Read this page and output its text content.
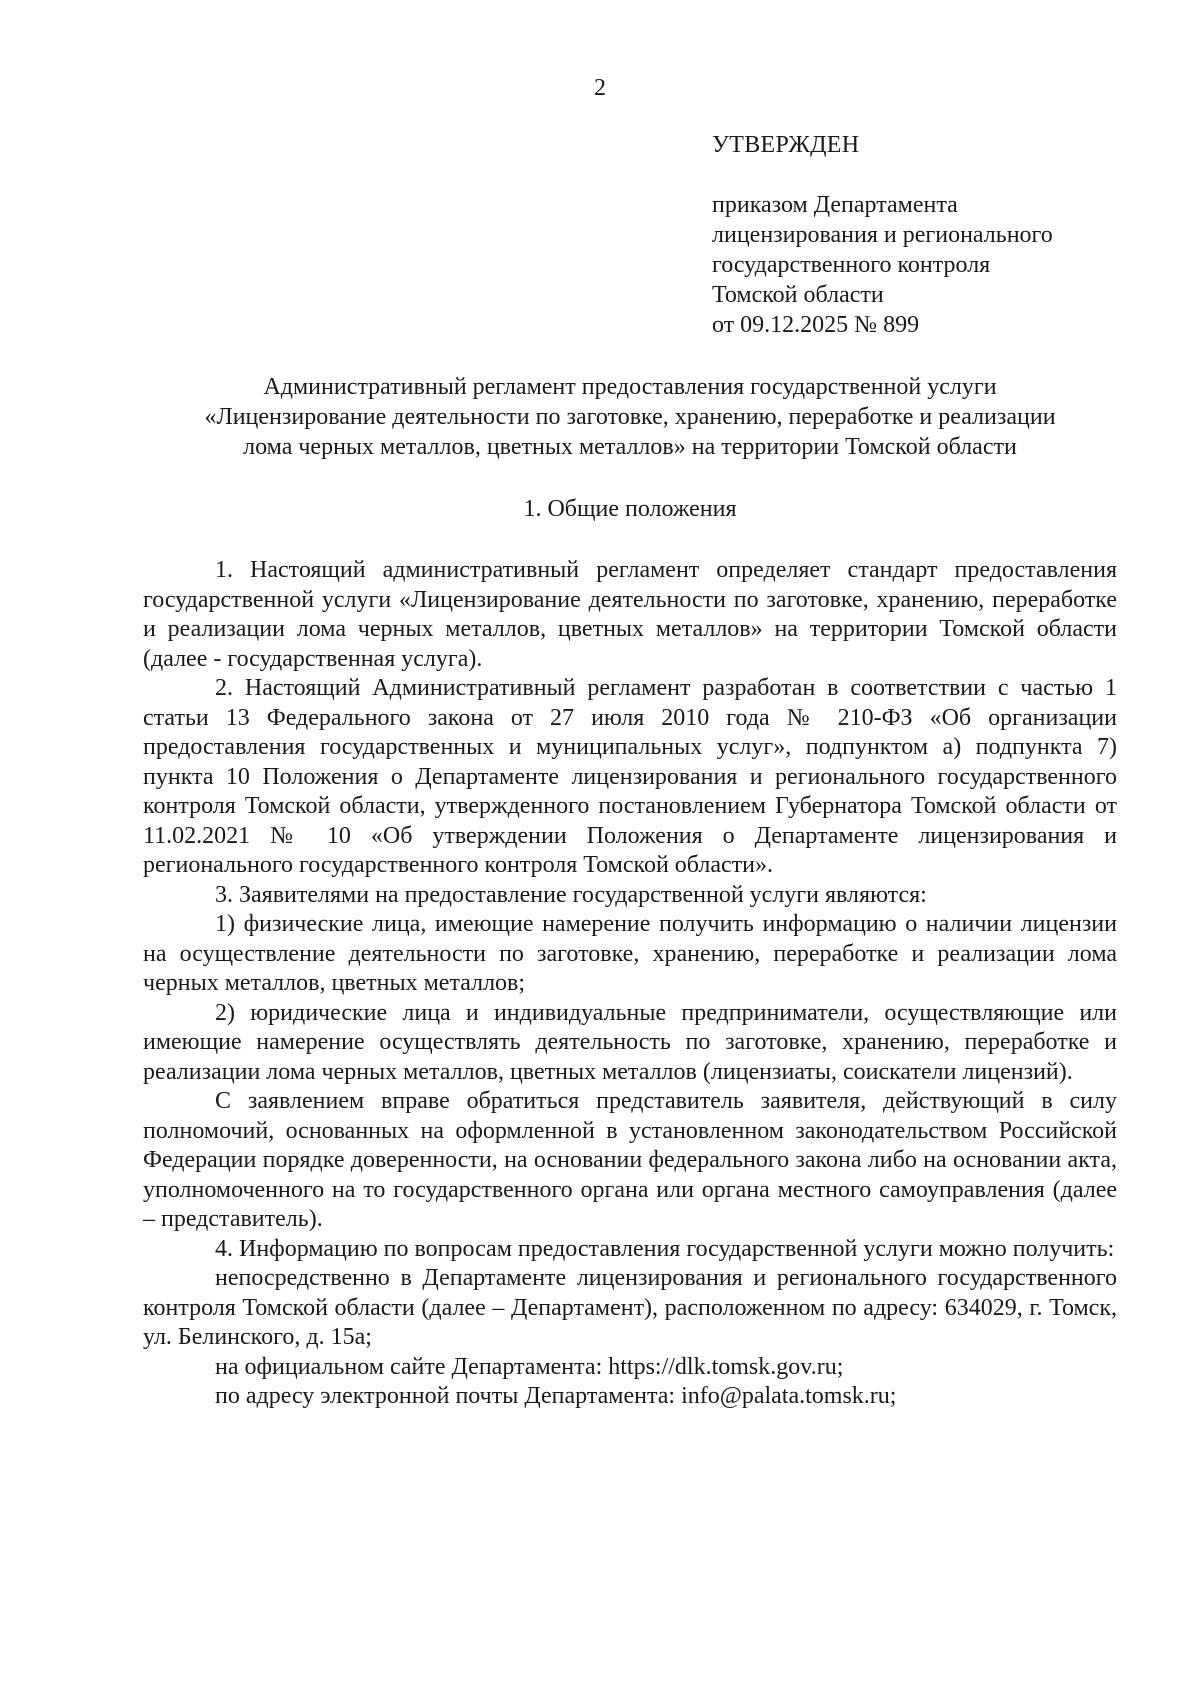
2

УТВЕРЖДЕН

приказом Департамента

лицензирования и регионального

государственного контроля

Томской области

от 09.12.2025 № 899

Административный регламент предоставления государственной услуги
«Лицензирование деятельности по заготовке, хранению, переработке и реализации
лома черных металлов, цветных металлов» на территории Томской области
1. Общие положения

1. Настоящий административный регламент определяет стандарт предоставления государственной услуги «Лицензирование деятельности по заготовке, хранению, переработке и реализации лома черных металлов, цветных металлов» на территории Томской области (далее - государственная услуга).

2. Настоящий Административный регламент разработан в соответствии с частью 1 статьи 13 Федерального закона от 27 июля 2010 года № 210-ФЗ «Об организации предоставления государственных и муниципальных услуг», подпунктом а) подпункта 7) пункта 10 Положения о Департаменте лицензирования и регионального государственного контроля Томской области, утвержденного постановлением Губернатора Томской области от 11.02.2021 № 10 «Об утверждении Положения о Департаменте лицензирования и регионального государственного контроля Томской области».

3. Заявителями на предоставление государственной услуги являются:

1) физические лица, имеющие намерение получить информацию о наличии лицензии на осуществление деятельности по заготовке, хранению, переработке и реализации лома черных металлов, цветных металлов;

2) юридические лица и индивидуальные предприниматели, осуществляющие или имеющие намерение осуществлять деятельность по заготовке, хранению, переработке и реализации лома черных металлов, цветных металлов (лицензиаты, соискатели лицензий).

С заявлением вправе обратиться представитель заявителя, действующий в силу полномочий, основанных на оформленной в установленном законодательством Российской Федерации порядке доверенности, на основании федерального закона либо на основании акта, уполномоченного на то государственного органа или органа местного самоуправления (далее – представитель).

4. Информацию по вопросам предоставления государственной услуги можно получить:

непосредственно в Департаменте лицензирования и регионального государственного контроля Томской области (далее – Департамент), расположенном по адресу: 634029, г. Томск, ул. Белинского, д. 15а;

на официальном сайте Департамента: https://dlk.tomsk.gov.ru;

по адресу электронной почты Департамента: info@palata.tomsk.ru;
